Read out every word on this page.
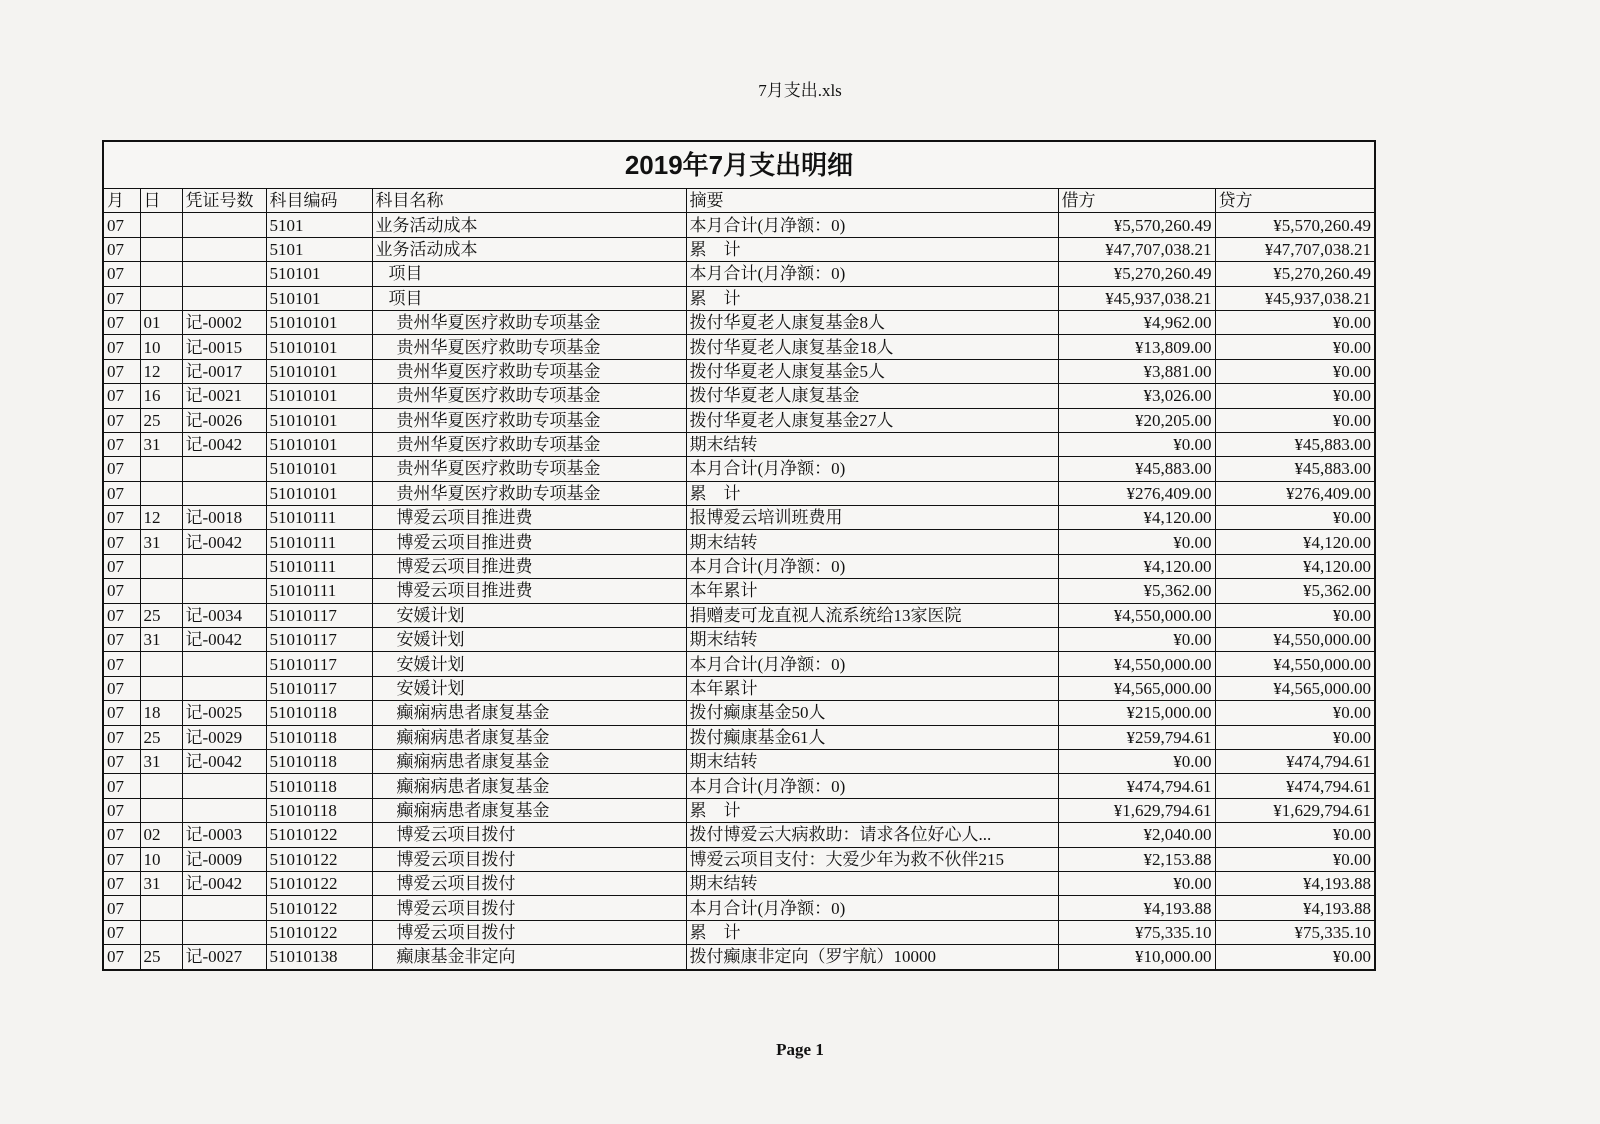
7月支出.xls
2019年7月支出明细
月	日	凭证号数	科目编码	科目名称	摘要	借方	贷方
07			5101	业务活动成本	本月合计(月净额：0)	¥5,570,260.49	¥5,570,260.49
07			5101	业务活动成本	累　计	¥47,707,038.21	¥47,707,038.21
07			510101	项目	本月合计(月净额：0)	¥5,270,260.49	¥5,270,260.49
07			510101	项目	累　计	¥45,937,038.21	¥45,937,038.21
07	01	记-0002	51010101	贵州华夏医疗救助专项基金	拨付华夏老人康复基金8人	¥4,962.00	¥0.00
07	10	记-0015	51010101	贵州华夏医疗救助专项基金	拨付华夏老人康复基金18人	¥13,809.00	¥0.00
07	12	记-0017	51010101	贵州华夏医疗救助专项基金	拨付华夏老人康复基金5人	¥3,881.00	¥0.00
07	16	记-0021	51010101	贵州华夏医疗救助专项基金	拨付华夏老人康复基金	¥3,026.00	¥0.00
07	25	记-0026	51010101	贵州华夏医疗救助专项基金	拨付华夏老人康复基金27人	¥20,205.00	¥0.00
07	31	记-0042	51010101	贵州华夏医疗救助专项基金	期末结转	¥0.00	¥45,883.00
07			51010101	贵州华夏医疗救助专项基金	本月合计(月净额：0)	¥45,883.00	¥45,883.00
07			51010101	贵州华夏医疗救助专项基金	累　计	¥276,409.00	¥276,409.00
07	12	记-0018	51010111	博爱云项目推进费	报博爱云培训班费用	¥4,120.00	¥0.00
07	31	记-0042	51010111	博爱云项目推进费	期末结转	¥0.00	¥4,120.00
07			51010111	博爱云项目推进费	本月合计(月净额：0)	¥4,120.00	¥4,120.00
07			51010111	博爱云项目推进费	本年累计	¥5,362.00	¥5,362.00
07	25	记-0034	51010117	安媛计划	捐赠麦可龙直视人流系统给13家医院	¥4,550,000.00	¥0.00
07	31	记-0042	51010117	安媛计划	期末结转	¥0.00	¥4,550,000.00
07			51010117	安媛计划	本月合计(月净额：0)	¥4,550,000.00	¥4,550,000.00
07			51010117	安媛计划	本年累计	¥4,565,000.00	¥4,565,000.00
07	18	记-0025	51010118	癫痫病患者康复基金	拨付癫康基金50人	¥215,000.00	¥0.00
07	25	记-0029	51010118	癫痫病患者康复基金	拨付癫康基金61人	¥259,794.61	¥0.00
07	31	记-0042	51010118	癫痫病患者康复基金	期末结转	¥0.00	¥474,794.61
07			51010118	癫痫病患者康复基金	本月合计(月净额：0)	¥474,794.61	¥474,794.61
07			51010118	癫痫病患者康复基金	累　计	¥1,629,794.61	¥1,629,794.61
07	02	记-0003	51010122	博爱云项目拨付	拨付博爱云大病救助：请求各位好心人...	¥2,040.00	¥0.00
07	10	记-0009	51010122	博爱云项目拨付	博爱云项目支付：大爱少年为救不伙伴215	¥2,153.88	¥0.00
07	31	记-0042	51010122	博爱云项目拨付	期末结转	¥0.00	¥4,193.88
07			51010122	博爱云项目拨付	本月合计(月净额：0)	¥4,193.88	¥4,193.88
07			51010122	博爱云项目拨付	累　计	¥75,335.10	¥75,335.10
07	25	记-0027	51010138	癫康基金非定向	拨付癫康非定向（罗宇航）10000	¥10,000.00	¥0.00
Page 1
